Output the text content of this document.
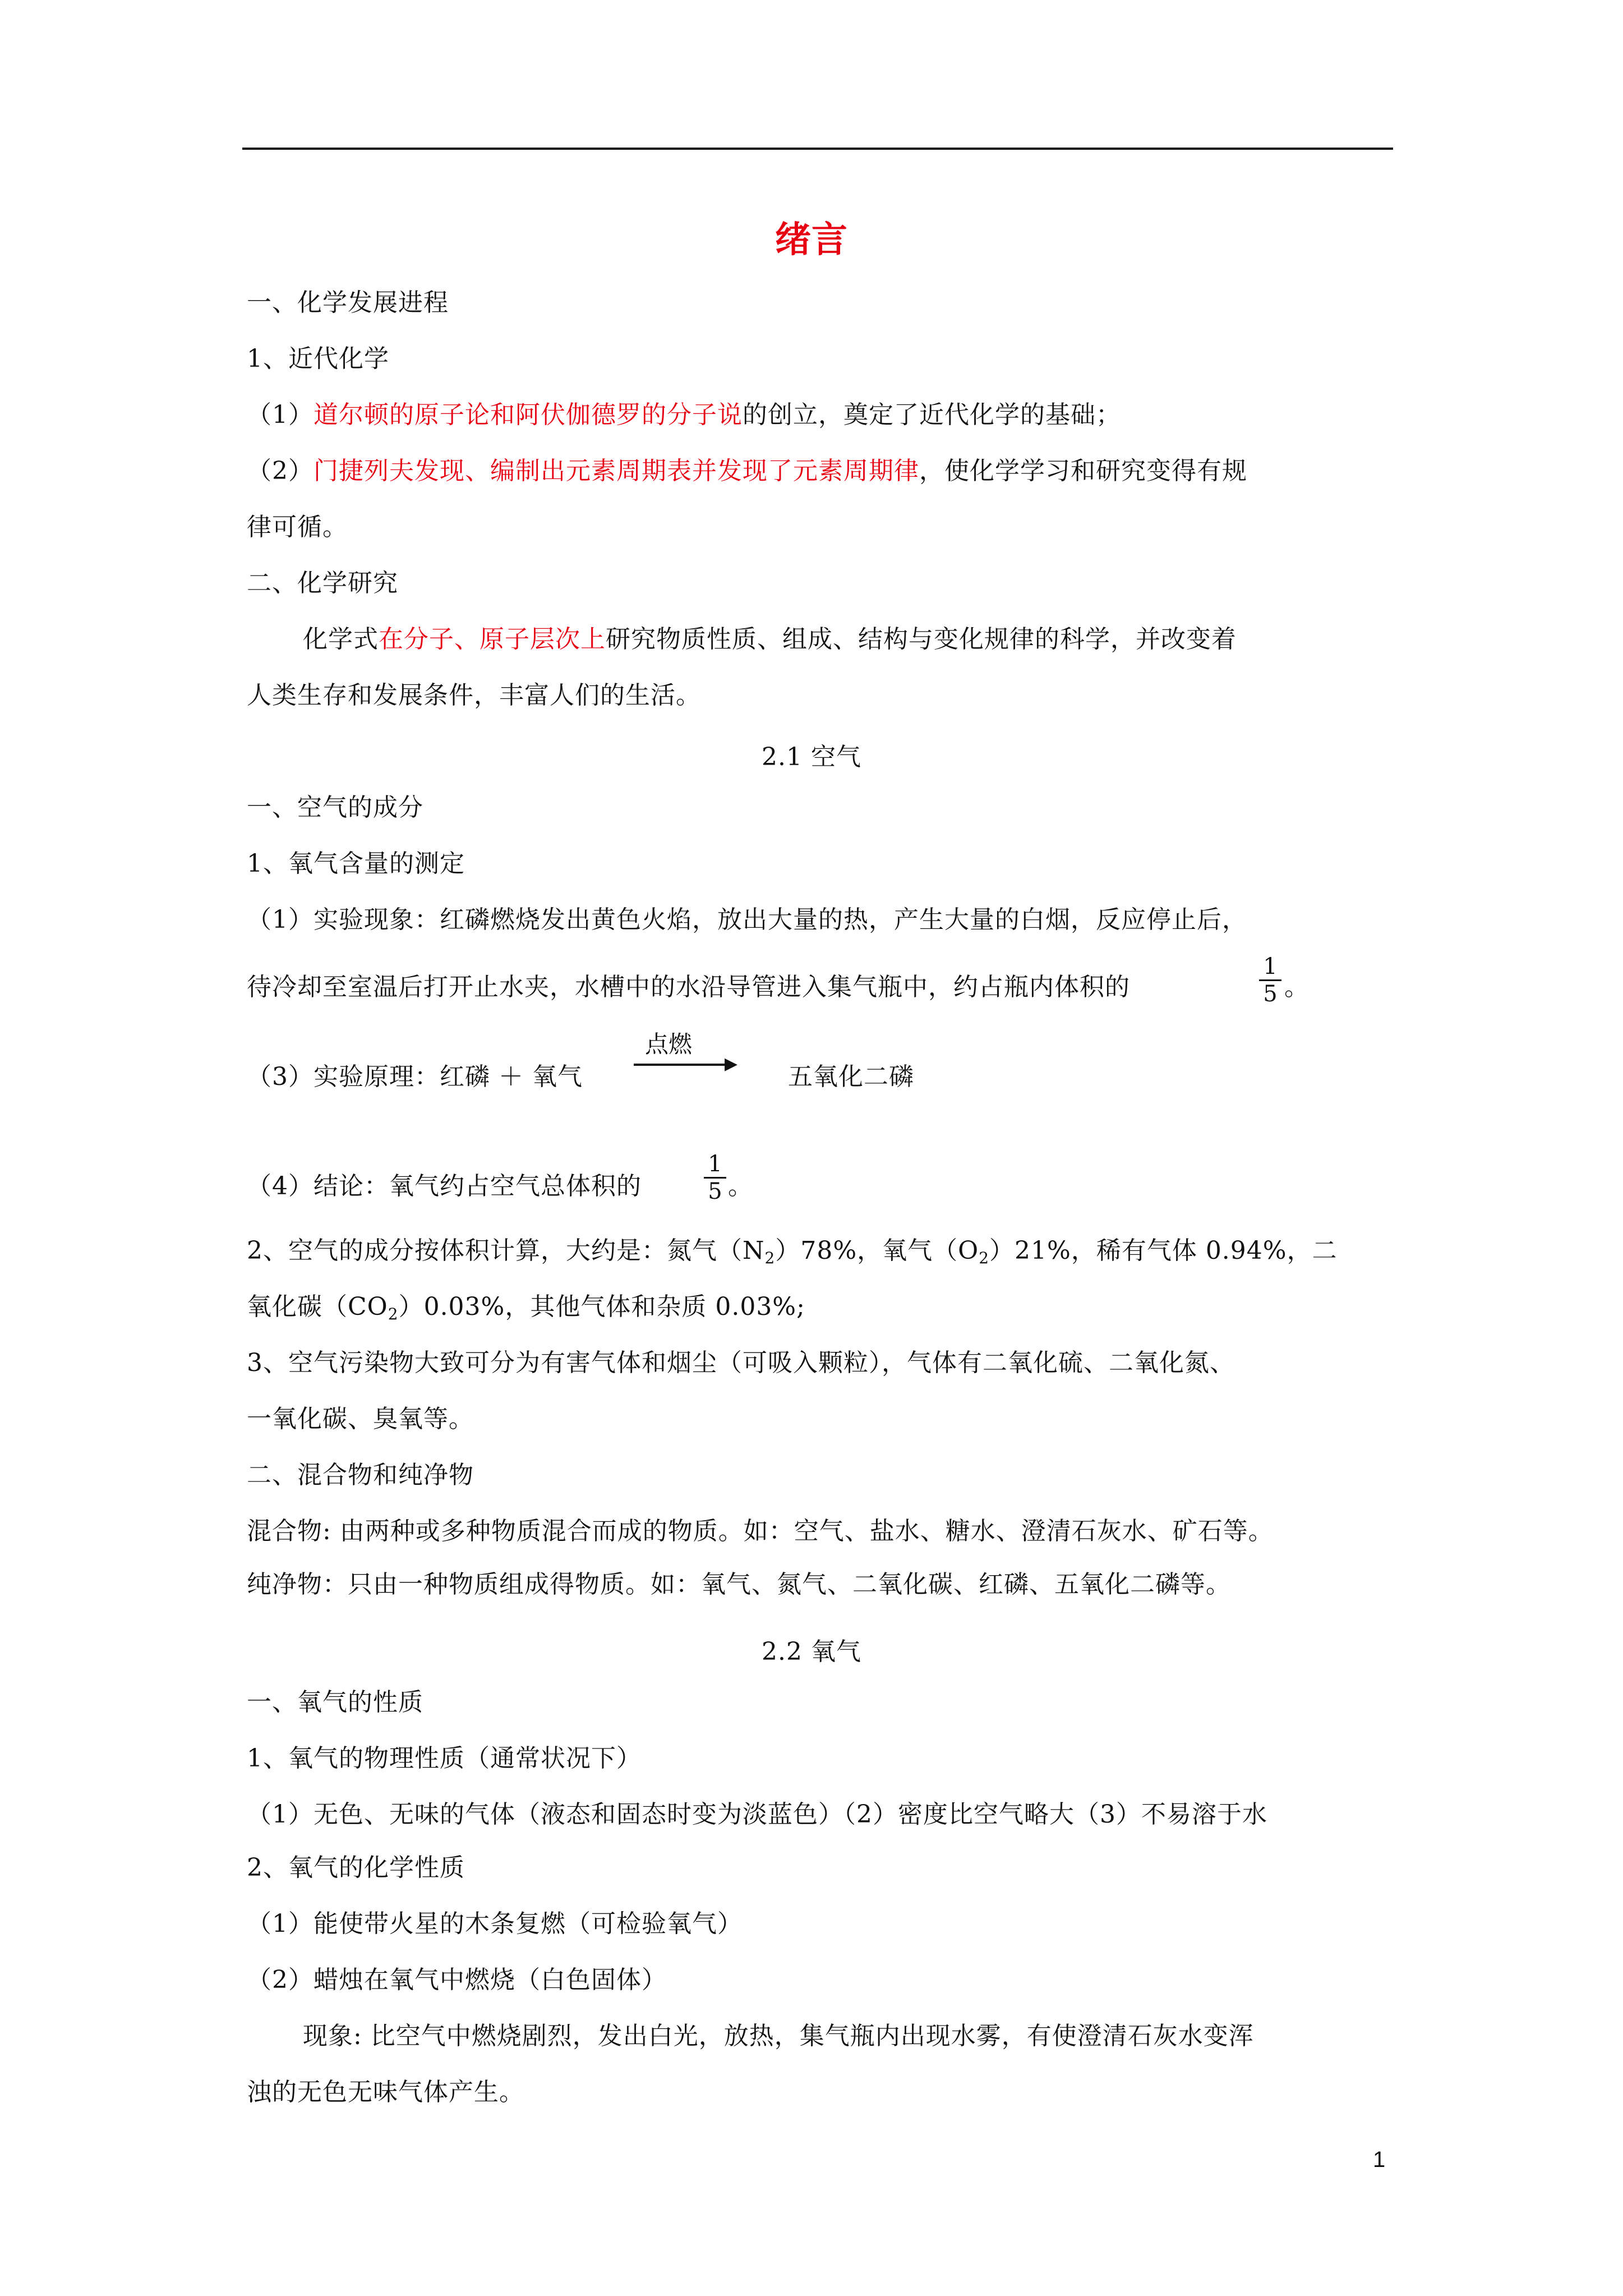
绪言
一、化学发展进程
1、近代化学
（1）道尔顿的原子论和阿伏伽德罗的分子说的创立，奠定了近代化学的基础；
（2）门捷列夫发现、编制出元素周期表并发现了元素周期律，使化学学习和研究变得有规
律可循。
二、化学研究
化学式在分子、原子层次上研究物质性质、组成、结构与变化规律的科学，并改变着
人类生存和发展条件，丰富人们的生活。
2.1 空气
一、空气的成分
1、氧气含量的测定
（1）实验现象：红磷燃烧发出黄色火焰，放出大量的热，产生大量的白烟，反应停止后，
待冷却至室温后打开止水夹，水槽中的水沿导管进入集气瓶中，约占瓶内体积的	$\frac{1}{5}$ 。
（3）实验原理：红磷 ＋ 氧气
点燃
▶ 五氧化二磷
（4）结论：氧气约占空气总体积的	$\frac{1}{5}$ 。
2、空气的成分按体积计算，大约是：氮气$(N_2)78\%$，氧气$(O_2)21\%$，稀有气体 0.94%，二
氧化碳$(CO_2)0.03\%$，其他气体和杂质 0.03%;
3、空气污染物大致可分为有害气体和烟尘（可吸入颗粒），气体有二氧化硫、二氧化氮、
一氧化碳、臭氧等。
二、混合物和纯净物
混合物: 由两种或多种物质混合而成的物质。如：空气、盐水、糖水、澄清石灰水、矿石等。
纯净物：只由一种物质组成得物质。如：氧气、氮气、二氧化碳、红磷、五氧化二磷等。
2.2 氧气
一、氧气的性质
1、氧气的物理性质（通常状况下）
（1）无色、无味的气体（液态和固态时变为淡蓝色）（2）密度比空气略大（3）不易溶于水
2、氧气的化学性质
（1）能使带火星的木条复燃（可检验氧气）
（2）蜡烛在氧气中燃烧（白色固体）
现象: 比空气中燃烧剧烈，发出白光，放热，集气瓶内出现水雾，有使澄清石灰水变浑
浊的无色无味气体产生。
1
